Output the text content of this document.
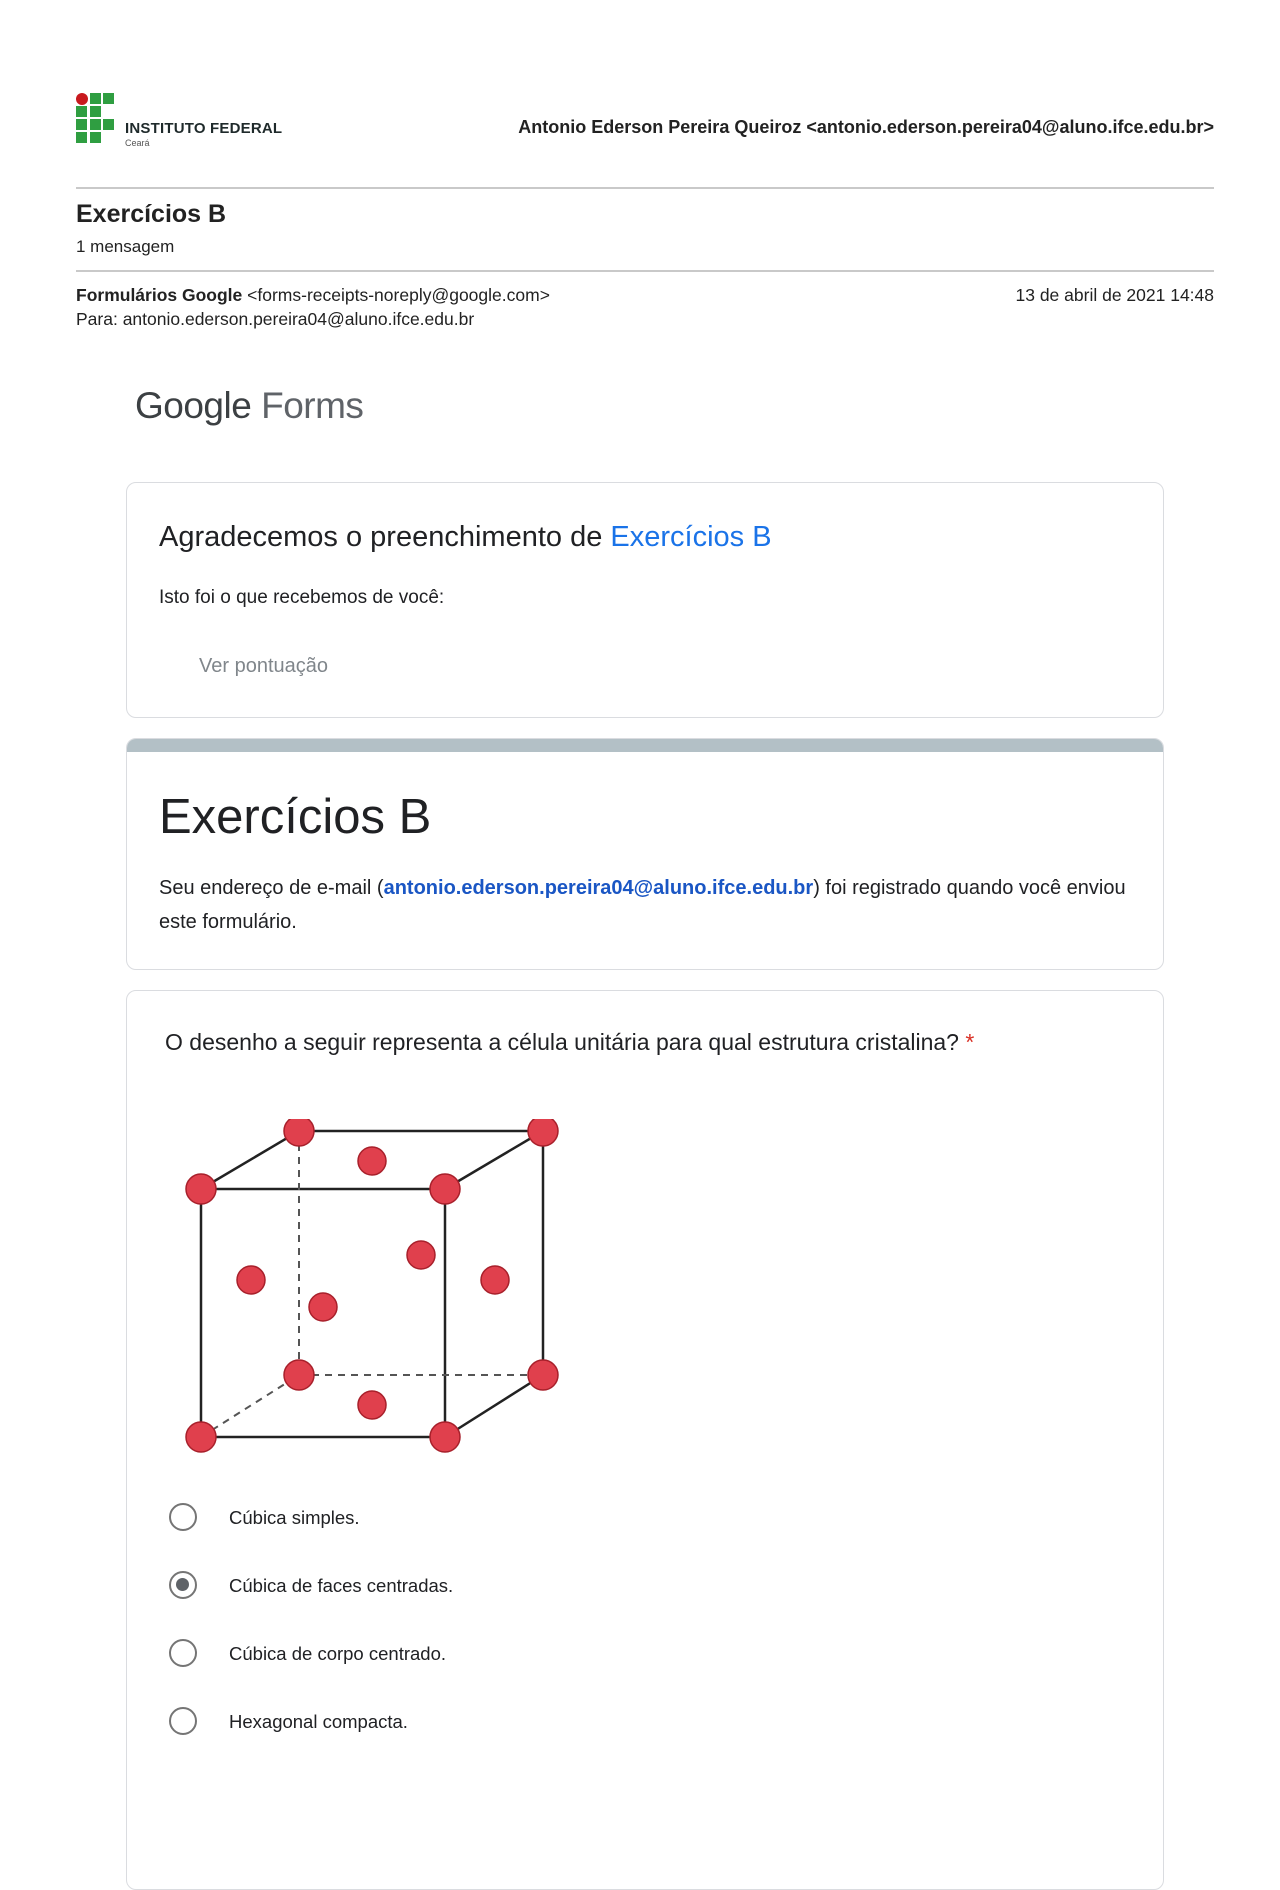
INSTITUTO FEDERAL
Ceará
Antonio Ederson Pereira Queiroz <antonio.ederson.pereira04@aluno.ifce.edu.br>
Exercícios B
1 mensagem
Formulários Google <forms-receipts-noreply@google.com>
Para: antonio.ederson.pereira04@aluno.ifce.edu.br
13 de abril de 2021 14:48
Google Forms
Agradecemos o preenchimento de Exercícios B
Isto foi o que recebemos de você:
Ver pontuação
Exercícios B
Seu endereço de e-mail (antonio.ederson.pereira04@aluno.ifce.edu.br) foi registrado quando você enviou este formulário.
O desenho a seguir representa a célula unitária para qual estrutura cristalina? *
Cúbica simples.
Cúbica de faces centradas.
Cúbica de corpo centrado.
Hexagonal compacta.
